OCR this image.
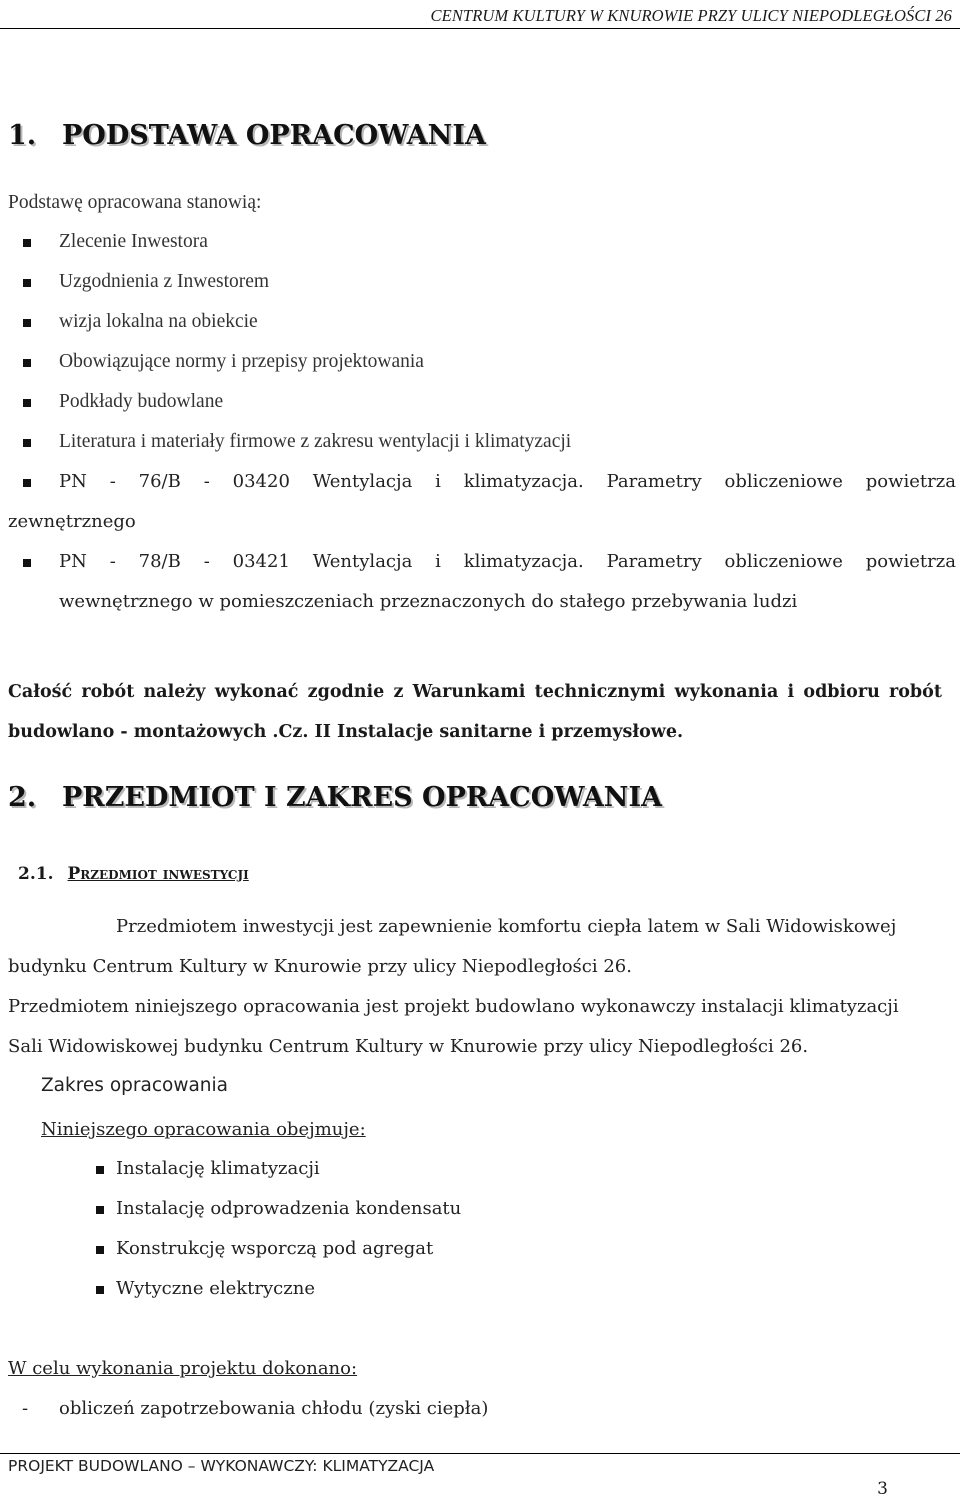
CENTRUM KULTURY W KNUROWIE PRZY ULICY NIEPODLEGŁOŚCI 26
1. PODSTAWA OPRACOWANIA
Podstawę opracowana stanowią:
Zlecenie Inwestora
Uzgodnienia z Inwestorem
wizja lokalna na obiekcie
Obowiązujące normy i przepisy projektowania
Podkłady budowlane
Literatura i materiały firmowe z zakresu wentylacji i klimatyzacji
PN - 76/B - 03420 Wentylacja i klimatyzacja. Parametry obliczeniowe powietrza
zewnętrznego
PN - 78/B - 03421 Wentylacja i klimatyzacja. Parametry obliczeniowe powietrza
wewnętrznego w pomieszczeniach przeznaczonych do stałego przebywania ludzi
Całość robót należy wykonać zgodnie z Warunkami technicznymi wykonania i odbioru robót
budowlano - montażowych .Cz. II Instalacje sanitarne i przemysłowe.
2. PRZEDMIOT I ZAKRES OPRACOWANIA
2.1. Przedmiot inwestycji
Przedmiotem inwestycji jest zapewnienie komfortu ciepła latem w Sali Widowiskowej
budynku Centrum Kultury w Knurowie przy ulicy Niepodległości 26.
Przedmiotem niniejszego opracowania jest projekt budowlano wykonawczy instalacji klimatyzacji
Sali Widowiskowej budynku Centrum Kultury w Knurowie przy ulicy Niepodległości 26.
Zakres opracowania
Niniejszego opracowania obejmuje:
Instalację klimatyzacji
Instalację odprowadzenia kondensatu
Konstrukcję wsporczą pod agregat
Wytyczne elektryczne
W celu wykonania projektu dokonano:
- obliczeń zapotrzebowania chłodu (zyski ciepła)
PROJEKT BUDOWLANO – WYKONAWCZY: KLIMATYZACJA
3
